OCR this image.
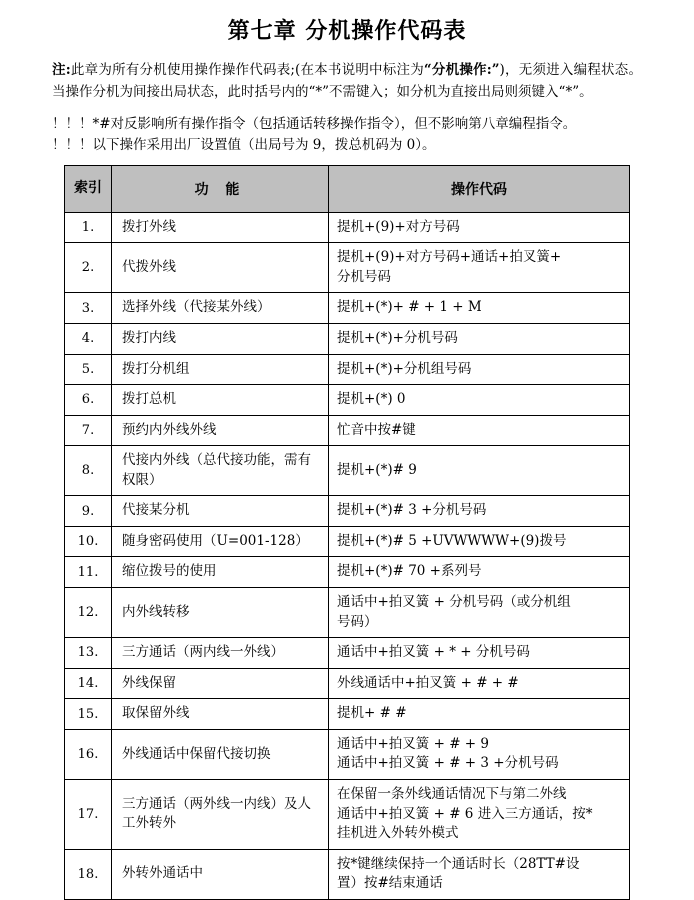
第七章 分机操作代码表
注:此章为所有分机使用操作操作代码表;(在本书说明中标注为“分机操作:”)，无须进入编程状态。当操作分机为间接出局状态，此时括号内的“*”不需键入；如分机为直接出局则须键入“*”。
！！！*#对反影响所有操作指令（包括通话转移操作指令），但不影响第八章编程指令。
！！！以下操作采用出厂设置值（出局号为 9，拨总机码为 0）。
索引	功 能	操作代码
1.	拨打外线	提机+(9)+对方号码

2.	代拨外线	提机+(9)+对方号码+通话+拍叉簧+
分机号码

3.	选择外线（代接某外线）	提机+(*)+ # + 1 + M

4.	拨打内线	提机+(*)+分机号码

5.	拨打分机组	提机+(*)+分机组号码

6.	拨打总机	提机+(*) 0

7.	预约内外线外线	忙音中按#键

8.	代接内外线（总代接功能，需有权限）	提机+(*)# 9

9.	代接某分机	提机+(*)# 3 +分机号码

10.	随身密码使用（U=001-128）	提机+(*)# 5 +UVWWWW+(9)拨号

11.	缩位拨号的使用	提机+(*)# 70 +系列号

12.	内外线转移	通话中+拍叉簧 + 分机号码（或分机组
号码）

13.	三方通话（两内线一外线）	通话中+拍叉簧 + * + 分机号码

14.	外线保留	外线通话中+拍叉簧 + # + #

15.	取保留外线	提机+ # #

16.	外线通话中保留代接切换	通话中+拍叉簧 + # + 9
通话中+拍叉簧 + # + 3 +分机号码

17.	三方通话（两外线一内线）及人工外转外	在保留一条外线通话情况下与第二外线
通话中+拍叉簧 + # 6 进入三方通话，按*
挂机进入外转外模式

18.	外转外通话中	按*键继续保持一个通话时长（28TT#设
置）按#结束通话
